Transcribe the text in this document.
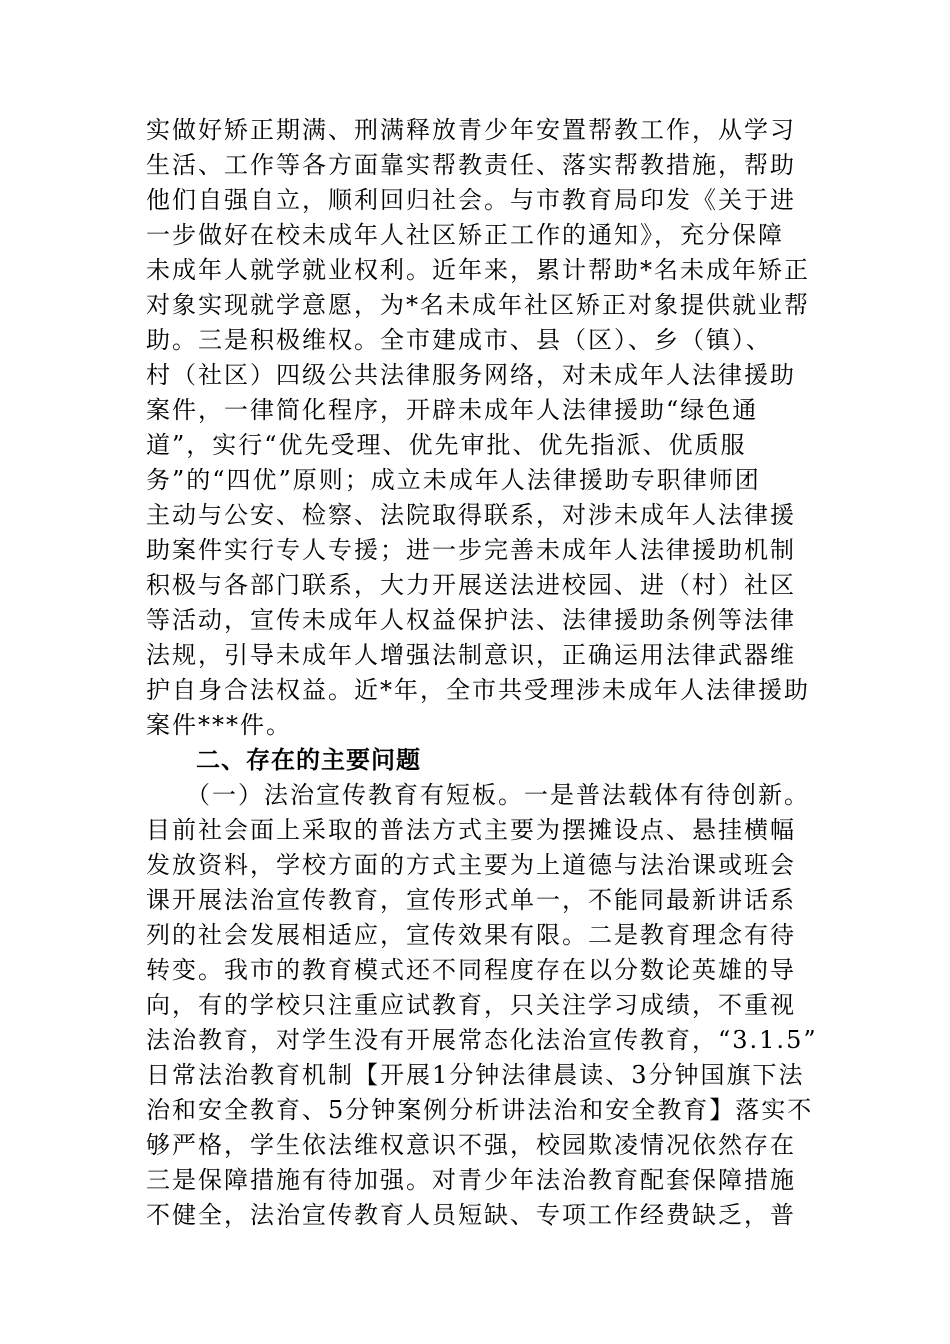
实做好矫正期满、刑满释放青少年安置帮教工作，从学习
生活、工作等各方面靠实帮教责任、落实帮教措施，帮助
他们自强自立，顺利回归社会。与市教育局印发《关于进
一步做好在校未成年人社区矫正工作的通知》，充分保障
未成年人就学就业权利。近年来，累计帮助*名未成年矫正
对象实现就学意愿，为*名未成年社区矫正对象提供就业帮
助。三是积极维权。全市建成市、县（区）、乡（镇）、
村（社区）四级公共法律服务网络，对未成年人法律援助
案件，一律简化程序，开辟未成年人法律援助“绿色通
道”，实行“优先受理、优先审批、优先指派、优质服
务”的“四优”原则；成立未成年人法律援助专职律师团
主动与公安、检察、法院取得联系，对涉未成年人法律援
助案件实行专人专援；进一步完善未成年人法律援助机制
积极与各部门联系，大力开展送法进校园、进（村）社区
等活动，宣传未成年人权益保护法、法律援助条例等法律
法规，引导未成年人增强法制意识，正确运用法律武器维
护自身合法权益。近*年，全市共受理涉未成年人法律援助
案件***件。
　　二、存在的主要问题
　　（一）法治宣传教育有短板。一是普法载体有待创新。
目前社会面上采取的普法方式主要为摆摊设点、悬挂横幅
发放资料，学校方面的方式主要为上道德与法治课或班会
课开展法治宣传教育，宣传形式单一，不能同最新讲话系
列的社会发展相适应，宣传效果有限。二是教育理念有待
转变。我市的教育模式还不同程度存在以分数论英雄的导
向，有的学校只注重应试教育，只关注学习成绩，不重视
法治教育，对学生没有开展常态化法治宣传教育，“3.1.5”
日常法治教育机制【开展1分钟法律晨读、3分钟国旗下法
治和安全教育、5分钟案例分析讲法治和安全教育】落实不
够严格，学生依法维权意识不强，校园欺凌情况依然存在
三是保障措施有待加强。对青少年法治教育配套保障措施
不健全，法治宣传教育人员短缺、专项工作经费缺乏，普
